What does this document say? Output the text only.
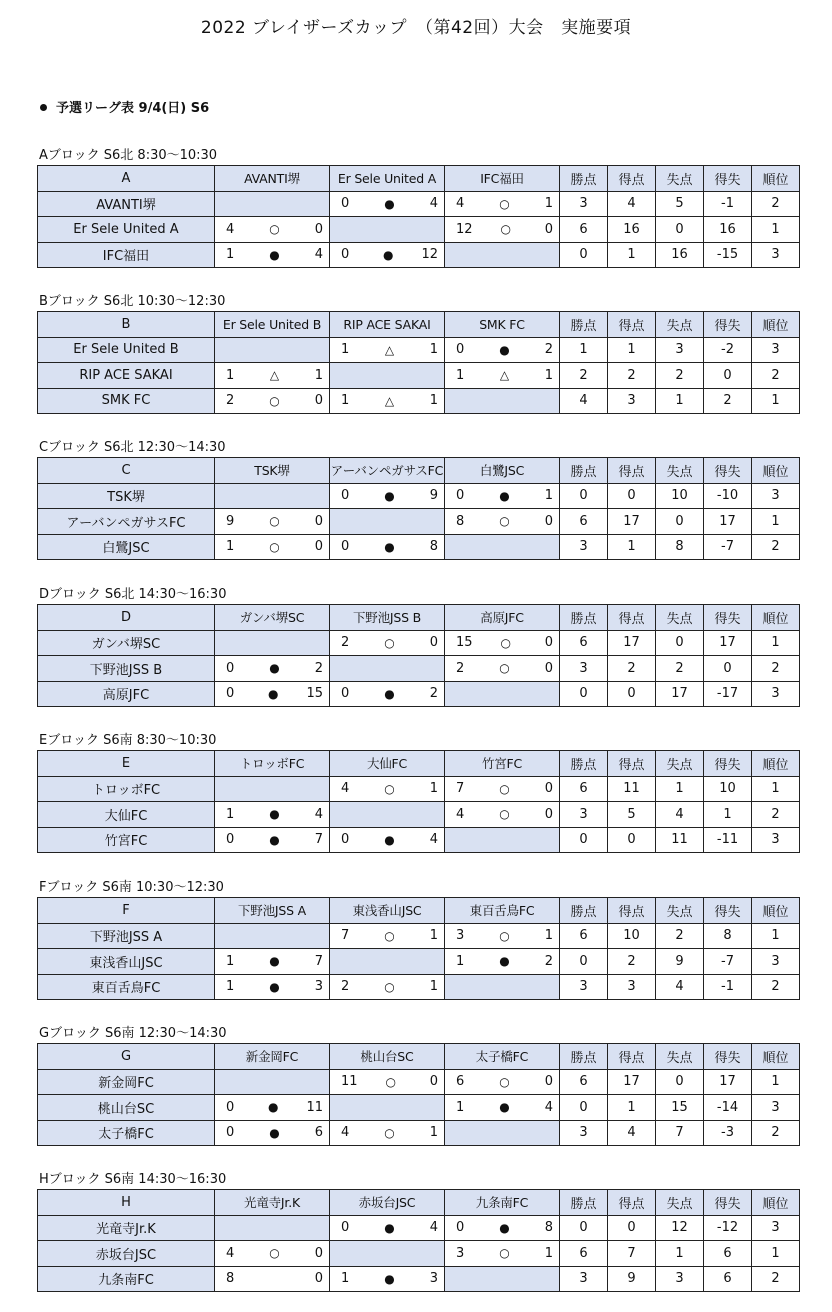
2022 ブレイザーズカップ　（第42回）大会　実施要項
予選リーグ表 9/4(日) S6
Aブロック S6北 8:30～10:30
A	AVANTI堺	Er Sele United A	IFC福田	勝点	得点	失点	得失	順位
AVANTI堺		0 ● 4	4 ○ 1	3	4	5	-1	2
Er Sele United A	4 ○ 0		12 ○ 0	6	16	0	16	1
IFC福田	1 ● 4	0 ● 12		0	1	16	-15	3
Bブロック S6北 10:30～12:30
B	Er Sele United B	RIP ACE SAKAI	SMK FC	勝点	得点	失点	得失	順位
Er Sele United B		1 △ 1	0 ● 2	1	1	3	-2	3
RIP ACE SAKAI	1 △ 1		1 △ 1	2	2	2	0	2
SMK FC	2 ○ 0	1 △ 1		4	3	1	2	1
Cブロック S6北 12:30～14:30
C	TSK堺	アーバンペガサスFC	白鷺JSC	勝点	得点	失点	得失	順位
TSK堺		0 ● 9	0 ● 1	0	0	10	-10	3
アーバンペガサスFC	9 ○ 0		8 ○ 0	6	17	0	17	1
白鷺JSC	1 ○ 0	0 ● 8		3	1	8	-7	2
Dブロック S6北 14:30～16:30
D	ガンバ堺SC	下野池JSS B	高原JFC	勝点	得点	失点	得失	順位
ガンバ堺SC		2 ○ 0	15 ○ 0	6	17	0	17	1
下野池JSS B	0 ● 2		2 ○ 0	3	2	2	0	2
高原JFC	0 ● 15	0 ● 2		0	0	17	-17	3
Eブロック S6南 8:30～10:30
E	トロッボFC	大仙FC	竹宮FC	勝点	得点	失点	得失	順位
トロッボFC		4 ○ 1	7 ○ 0	6	11	1	10	1
大仙FC	1 ● 4		4 ○ 0	3	5	4	1	2
竹宮FC	0 ● 7	0 ● 4		0	0	11	-11	3
Fブロック S6南 10:30～12:30
F	下野池JSS A	東浅香山JSC	東百舌鳥FC	勝点	得点	失点	得失	順位
下野池JSS A		7 ○ 1	3 ○ 1	6	10	2	8	1
東浅香山JSC	1 ● 7		1 ● 2	0	2	9	-7	3
東百舌鳥FC	1 ● 3	2 ○ 1		3	3	4	-1	2
Gブロック S6南 12:30～14:30
G	新金岡FC	桃山台SC	太子橋FC	勝点	得点	失点	得失	順位
新金岡FC		11 ○ 0	6 ○ 0	6	17	0	17	1
桃山台SC	0 ● 11		1 ● 4	0	1	15	-14	3
太子橋FC	0 ● 6	4 ○ 1		3	4	7	-3	2
Hブロック S6南 14:30～16:30
H	光竜寺Jr.K	赤坂台JSC	九条南FC	勝点	得点	失点	得失	順位
光竜寺Jr.K		0 ● 4	0 ● 8	0	0	12	-12	3
赤坂台JSC	4 ○ 0		3 ○ 1	6	7	1	6	1
九条南FC	8 0	1 ● 3		3	9	3	6	2
